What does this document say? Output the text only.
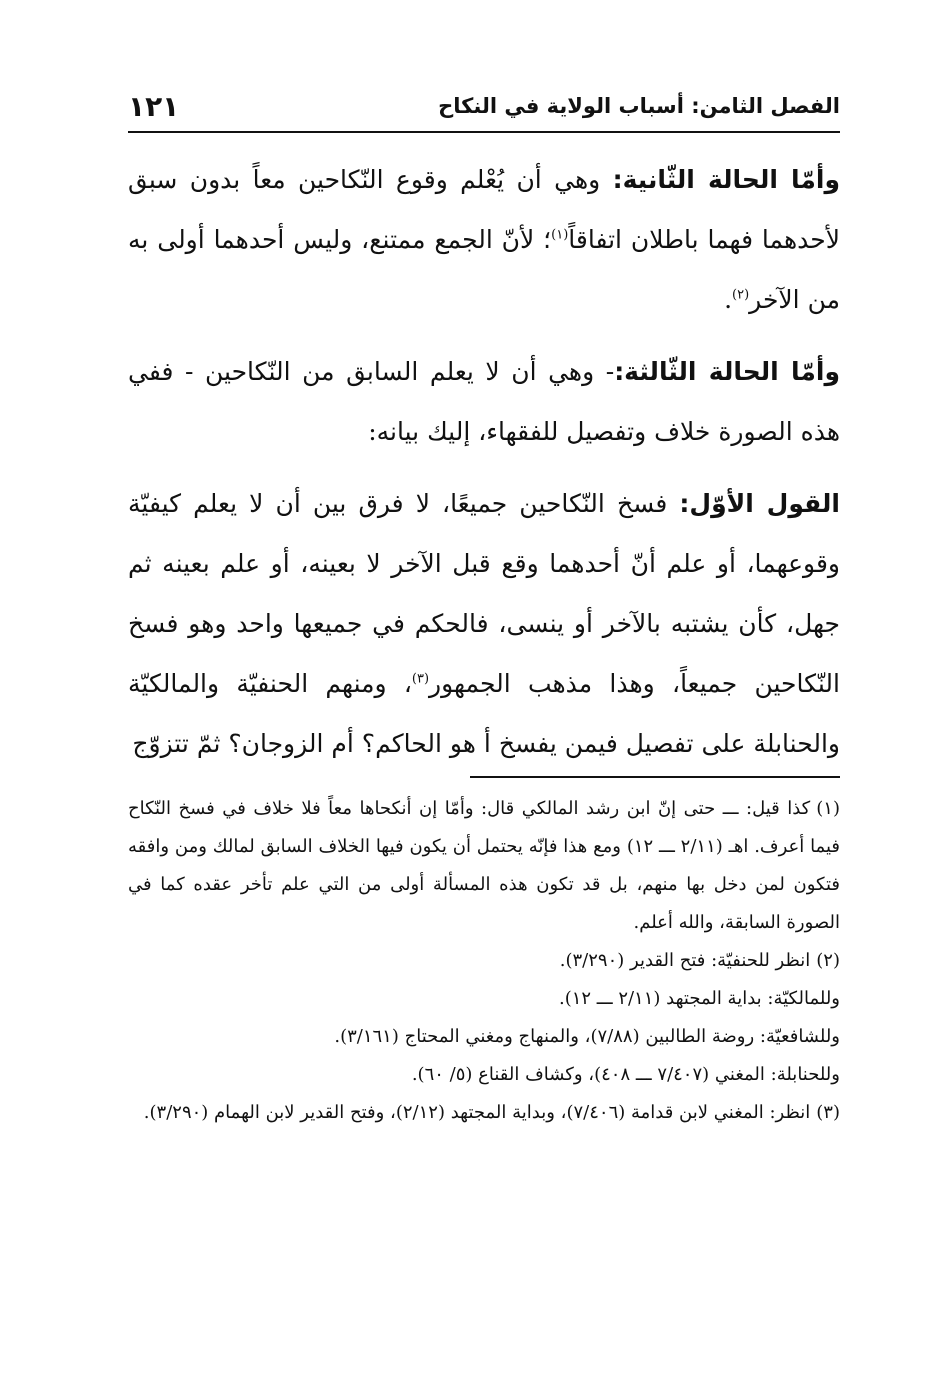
الفصل الثامن: أسباب الولاية في النكاح
١٢١

وأمّا الحالة الثّانية: وهي أن يُعْلم وقوع النّكاحين معاً بدون سبق لأحدهما فهما باطلان اتفاقاً$^{(١)}$؛ لأنّ الجمع ممتنع، وليس أحدهما أولى به من الآخر$^{(٢)}$.

وأمّا الحالة الثّالثة:- وهي أن لا يعلم السابق من النّكاحين - ففي هذه الصورة خلاف وتفصيل للفقهاء، إليك بيانه:

القول الأوّل: فسخ النّكاحين جميعًا، لا فرق بين أن لا يعلم كيفيّة وقوعهما، أو علم أنّ أحدهما وقع قبل الآخر لا بعينه، أو علم بعينه ثم جهل، كأن يشتبه بالآخر أو ينسى، فالحكم في جميعها واحد وهو فسخ النّكاحين جميعاً، وهذا مذهب الجمهور$^{(٣)}$، ومنهم الحنفيّة والمالكيّة والحنابلة على تفصيل فيمن يفسخ أ هو الحاكم؟ أم الزوجان؟ ثمّ تتزوّج

(١)كذا قيل: ـــ حتى إنّ ابن رشد المالكي قال: وأمّا إن أنكحاها معاً فلا خلاف في فسخ النّكاح فيما أعرف. اهـ (٢/١١ ـــ ١٢) ومع هذا فإنّه يحتمل أن يكون فيها الخلاف السابق لمالك ومن وافقه فتكون لمن دخل بها منهم، بل قد تكون هذه المسألة أولى من التي علم تأخر عقده كما في الصورة السابقة، والله أعلم.

(٢)انظر للحنفيّة: فتح القدير (٣/٢٩٠).

وللمالكيّة: بداية المجتهد (٢/١١ ـــ ١٢).

وللشافعيّة: روضة الطالبين (٧/٨٨)، والمنهاج ومغني المحتاج (٣/١٦١).

وللحنابلة: المغني (٧/٤٠٧ ـــ ٤٠٨)، وكشاف القناع (٥/ ٦٠).

(٣)انظر: المغني لابن قدامة (٧/٤٠٦)، وبداية المجتهد (٢/١٢)، وفتح القدير لابن الهمام (٣/٢٩٠).
